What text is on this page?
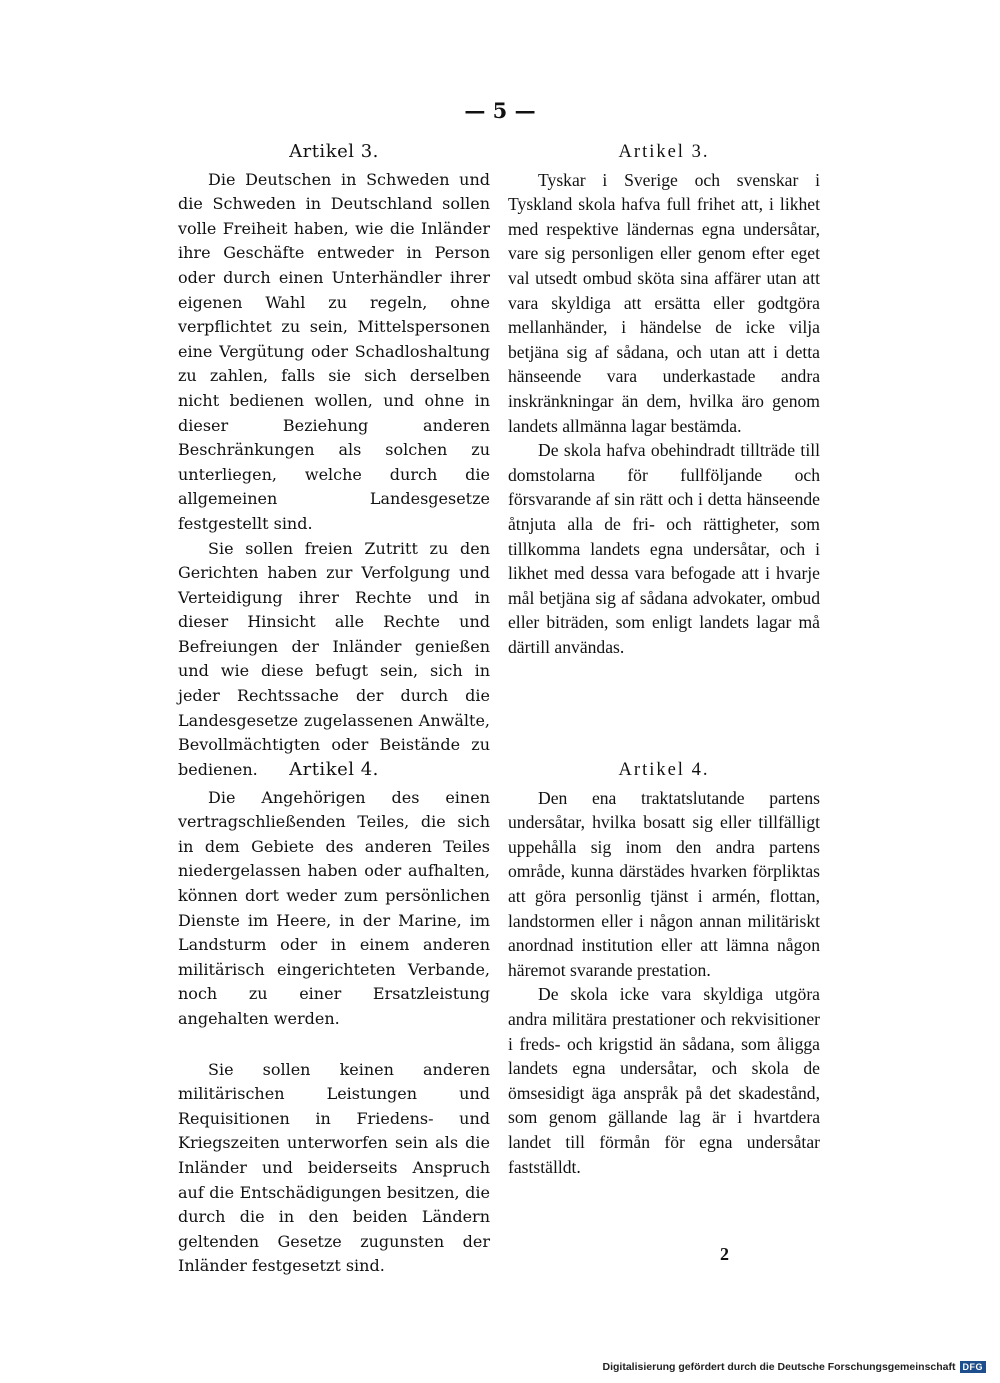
— 5 —
Artikel 3.

Die Deutschen in Schweden und die Schweden in Deutschland sollen volle Freiheit haben, wie die Inländer ihre Geschäfte entweder in Person oder durch einen Unterhändler ihrer eigenen Wahl zu regeln, ohne verpflichtet zu sein, Mittelspersonen eine Vergütung oder Schadloshaltung zu zahlen, falls sie sich derselben nicht bedienen wollen, und ohne in dieser Beziehung anderen Beschränkungen als solchen zu unterliegen, welche durch die allgemeinen Landesgesetze festgestellt sind.

Sie sollen freien Zutritt zu den Gerichten haben zur Verfolgung und Verteidigung ihrer Rechte und in dieser Hinsicht alle Rechte und Befreiungen der Inländer genießen und wie diese befugt sein, sich in jeder Rechtssache der durch die Landesgesetze zugelassenen Anwälte, Bevollmächtigten oder Beistände zu bedienen.	Artikel 4.

Die Angehörigen des einen vertragschließenden Teiles, die sich in dem Gebiete des anderen Teiles niedergelassen haben oder aufhalten, können dort weder zum persönlichen Dienste im Heere, in der Marine, im Landsturm oder in einem anderen militärisch eingerichteten Verbande, noch zu einer Ersatzleistung angehalten werden.

Sie sollen keinen anderen militärischen Leistungen und Requisitionen in Friedens- und Kriegszeiten unterworfen sein als die Inländer und beiderseits Anspruch auf die Entschädigungen besitzen, die durch die in den beiden Ländern geltenden Gesetze zugunsten der Inländer festgesetzt sind.

Artikel 3.

Tyskar i Sverige och svenskar i Tyskland skola hafva full frihet att, i likhet med respektive ländernas egna undersåtar, vare sig personligen eller genom efter eget val utsedt ombud sköta sina affärer utan att vara skyldiga att ersätta eller godtgöra mellanhänder, i händelse de icke vilja betjäna sig af sådana, och utan att i detta hänseende vara underkastade andra inskränkningar än dem, hvilka äro genom landets allmänna lagar bestämda.

De skola hafva obehindradt tillträde till domstolarna för fullföljande och försvarande af sin rätt och i detta hänseende åtnjuta alla de fri- och rättigheter, som tillkomma landets egna undersåtar, och i likhet med dessa vara befogade att i hvarje mål betjäna sig af sådana advokater, ombud eller biträden, som enligt landets lagar må därtill användas.

Artikel 4.

Den ena traktatslutande partens undersåtar, hvilka bosatt sig eller tillfälligt uppehålla sig inom den andra partens område, kunna därstädes hvarken förpliktas att göra personlig tjänst i armén, flottan, landstormen eller i någon annan militäriskt anordnad institution eller att lämna någon häremot svarande prestation.

De skola icke vara skyldiga utgöra andra militära prestationer och rekvisitioner i freds- och krigstid än sådana, som åligga landets egna undersåtar, och skola de ömsesidigt äga anspråk på det skadestånd, som genom gällande lag är i hvartdera landet till förmån för egna undersåtar fastställdt.

2
Digitalisierung gefördert durch die Deutsche Forschungsgemeinschaft DFG
